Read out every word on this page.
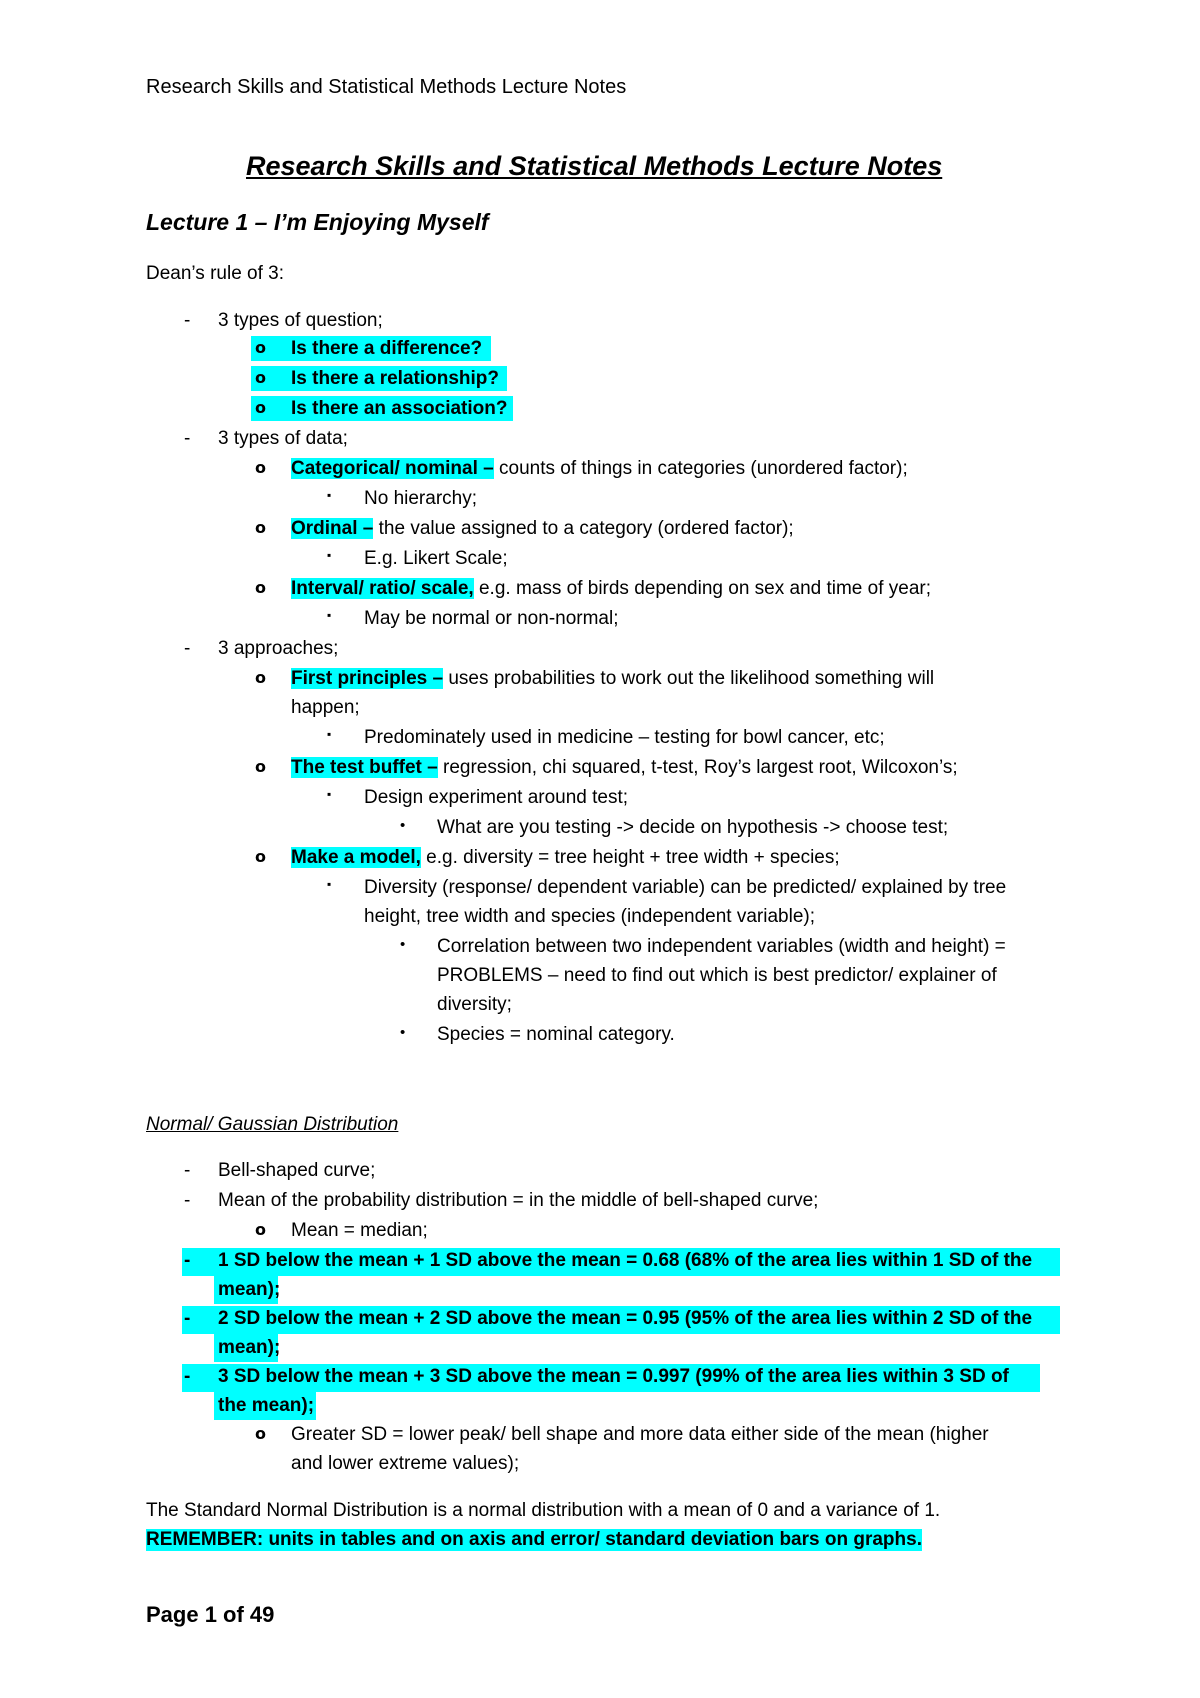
Research Skills and Statistical Methods Lecture Notes
Research Skills and Statistical Methods Lecture Notes
Lecture 1 – I’m Enjoying Myself
Dean’s rule of 3:
- 3 types of question;
o Is there a difference?
o Is there a relationship?
o Is there an association?
- 3 types of data;
o Categorical/ nominal – counts of things in categories (unordered factor);
▪ No hierarchy;
o Ordinal – the value assigned to a category (ordered factor);
▪ E.g. Likert Scale;
o Interval/ ratio/ scale, e.g. mass of birds depending on sex and time of year;
▪ May be normal or non-normal;
- 3 approaches;
o First principles – uses probabilities to work out the likelihood something will
happen;
▪ Predominately used in medicine – testing for bowl cancer, etc;
o The test buffet – regression, chi squared, t-test, Roy’s largest root, Wilcoxon’s;
▪ Design experiment around test;
• What are you testing -> decide on hypothesis -> choose test;
o Make a model, e.g. diversity = tree height + tree width + species;
▪ Diversity (response/ dependent variable) can be predicted/ explained by tree
height, tree width and species (independent variable);
• Correlation between two independent variables (width and height) =
PROBLEMS – need to find out which is best predictor/ explainer of
diversity;
• Species = nominal category.
Normal/ Gaussian Distribution
- Bell-shaped curve;
- Mean of the probability distribution = in the middle of bell-shaped curve;
o Mean = median;
- 1 SD below the mean + 1 SD above the mean = 0.68 (68% of the area lies within 1 SD of the
mean);
- 2 SD below the mean + 2 SD above the mean = 0.95 (95% of the area lies within 2 SD of the
mean);
- 3 SD below the mean + 3 SD above the mean = 0.997 (99% of the area lies within 3 SD of
the mean);
o Greater SD = lower peak/ bell shape and more data either side of the mean (higher
and lower extreme values);
The Standard Normal Distribution is a normal distribution with a mean of 0 and a variance of 1.
REMEMBER: units in tables and on axis and error/ standard deviation bars on graphs.
Page 1 of 49
